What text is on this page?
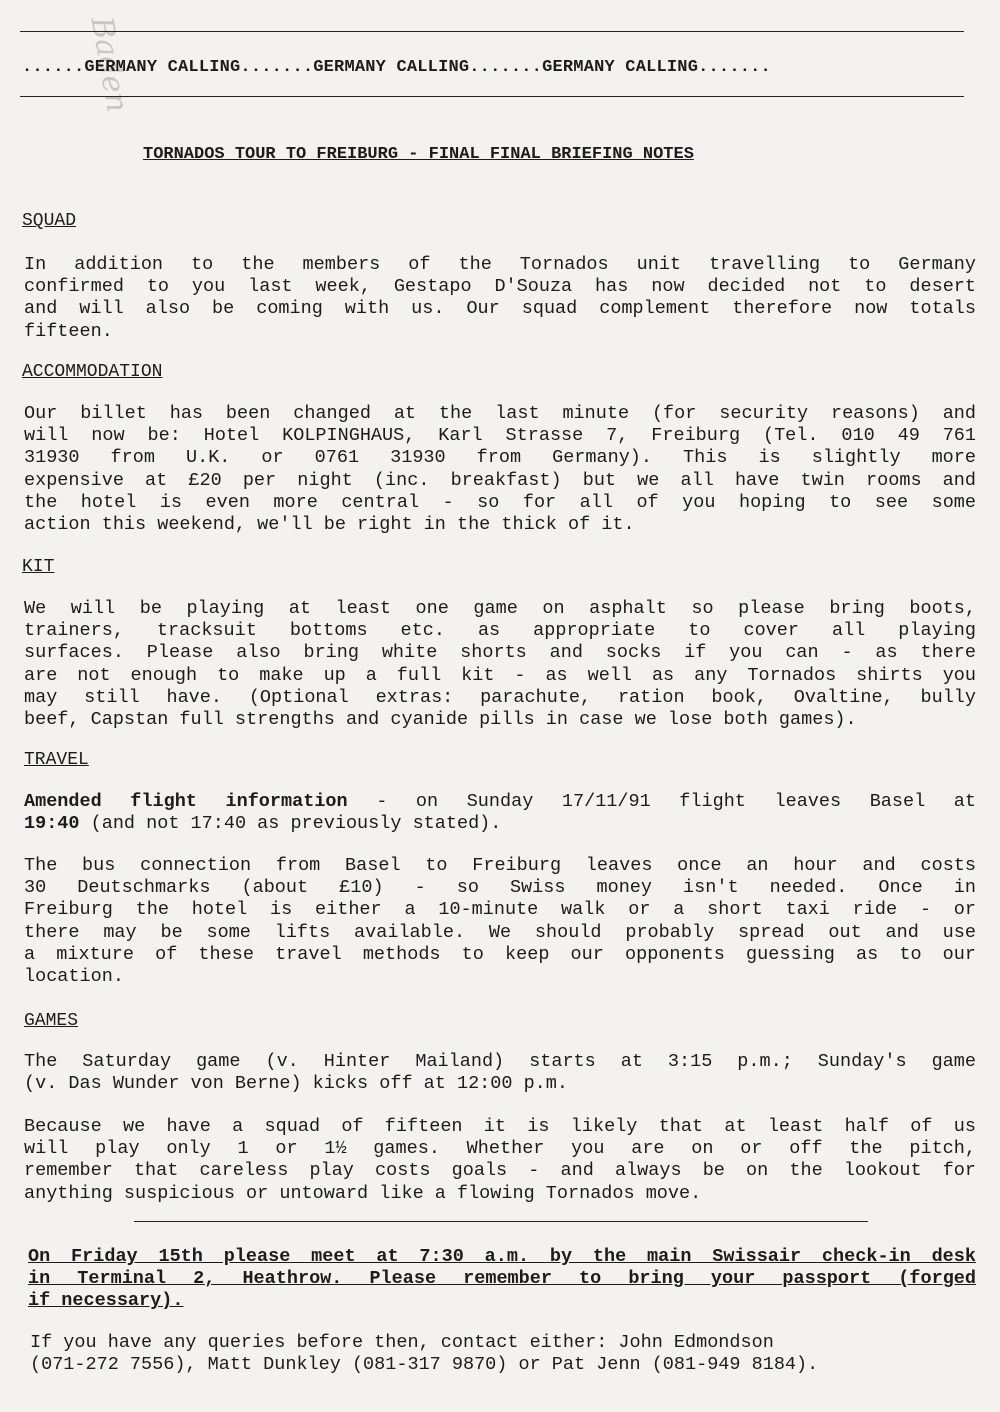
Baden
......GERMANY CALLING.......GERMANY CALLING.......GERMANY CALLING.......
TORNADOS TOUR TO FREIBURG - FINAL FINAL BRIEFING NOTES
SQUAD
In addition to the members of the Tornados unit travelling to Germany
confirmed to you last week, Gestapo D'Souza has now decided not to desert
and will also be coming with us. Our squad complement therefore now totals
fifteen.
ACCOMMODATION
Our billet has been changed at the last minute (for security reasons) and
will now be: Hotel KOLPINGHAUS, Karl Strasse 7, Freiburg (Tel. 010 49 761
31930 from U.K. or 0761 31930 from Germany). This is slightly more
expensive at £20 per night (inc. breakfast) but we all have twin rooms and
the hotel is even more central - so for all of you hoping to see some
action this weekend, we'll be right in the thick of it.
KIT
We will be playing at least one game on asphalt so please bring boots,
trainers, tracksuit bottoms etc. as appropriate to cover all playing
surfaces. Please also bring white shorts and socks if you can - as there
are not enough to make up a full kit - as well as any Tornados shirts you
may still have. (Optional extras: parachute, ration book, Ovaltine, bully
beef, Capstan full strengths and cyanide pills in case we lose both games).
TRAVEL
Amended flight information - on Sunday 17/11/91 flight leaves Basel at
19:40 (and not 17:40 as previously stated).
The bus connection from Basel to Freiburg leaves once an hour and costs
30 Deutschmarks (about £10) - so Swiss money isn't needed. Once in
Freiburg the hotel is either a 10-minute walk or a short taxi ride - or
there may be some lifts available. We should probably spread out and use
a mixture of these travel methods to keep our opponents guessing as to our
location.
GAMES
The Saturday game (v. Hinter Mailand) starts at 3:15 p.m.; Sunday's game
(v. Das Wunder von Berne) kicks off at 12:00 p.m.
Because we have a squad of fifteen it is likely that at least half of us
will play only 1 or 1½ games. Whether you are on or off the pitch,
remember that careless play costs goals - and always be on the lookout for
anything suspicious or untoward like a flowing Tornados move.
On Friday 15th please meet at 7:30 a.m. by the main Swissair check-in desk
in Terminal 2, Heathrow. Please remember to bring your passport (forged
if necessary).
If you have any queries before then, contact either: John Edmondson
(071-272 7556), Matt Dunkley (081-317 9870) or Pat Jenn (081-949 8184).
